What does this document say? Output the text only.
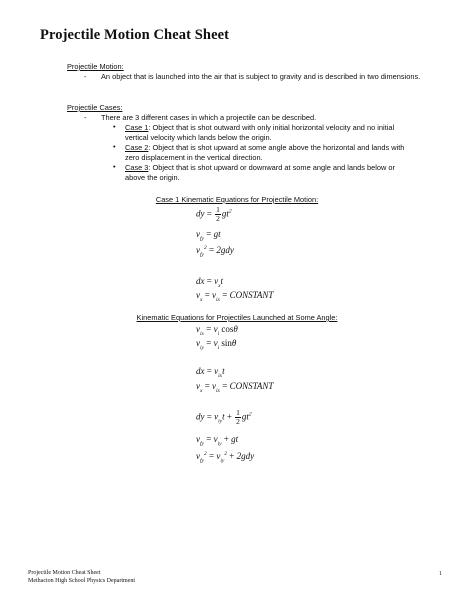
Projectile Motion Cheat Sheet
Projectile Motion:
- An object that is launched into the air that is subject to gravity and is described in two dimensions.
Projectile Cases:
- There are 3 different cases in which a projectile can be described.
• Case 1: Object that is shot outward with only initial horizontal velocity and no initial vertical velocity which lands below the origin.
• Case 2: Object that is shot upward at some angle above the horizontal and lands with zero displacement in the vertical direction.
• Case 3: Object that is shot upward or downward at some angle and lands below or above the origin.
Case 1 Kinematic Equations for Projectile Motion:
dy = $\frac{1}{2} gt^2$
$v_{fy}$ = gt
$v_{fy}^2 = 2gdy$
dx = $v_xt$
$v_x = v_{ix}$ = CONSTANT
Kinematic Equations for Projectiles Launched at Some Angle:
$v_{ix} = v_i$ cosθ
$v_{iy} = v_i$ sinθ
dx = $v_{ix}t$
$v_x = v_{ix}$ = CONSTANT
dy = $v_{iy}t + \frac{1}{2} gt^2$
$v_{fy} = v_{iy}$ + gt
$v_{fy}^2 = v_{iy}^2 + 2gdy$
Projectile Motion Cheat Sheet
Methacton High School Physics Department
1
